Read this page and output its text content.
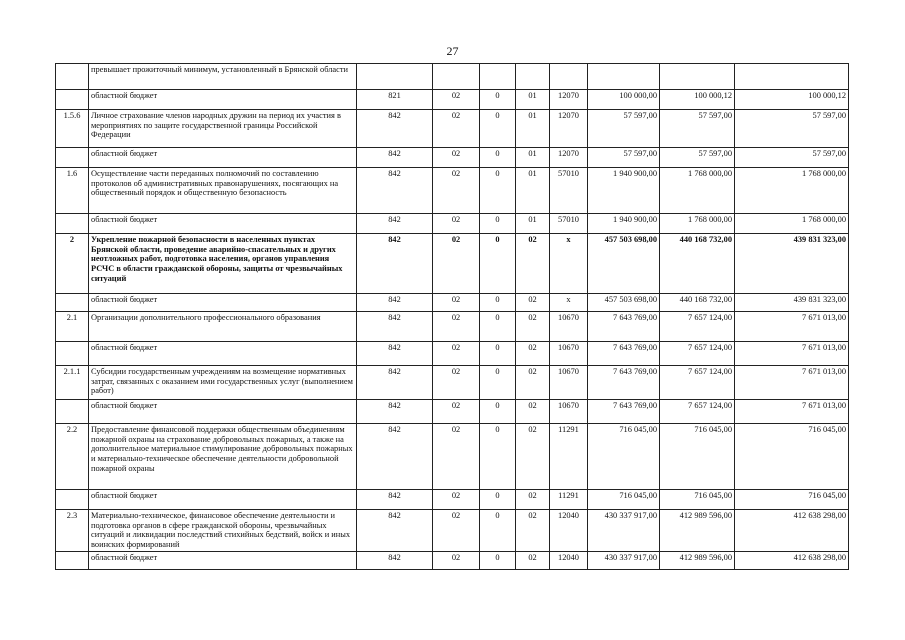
27
	превышает прожиточный минимум, установленный в Брянской области								
	областной бюджет	821	02	0	01	12070	100 000,00	100 000,12	100 000,12
1.5.6	Личное страхование членов народных дружин на период их участия в мероприятиях по защите государственной границы Российской Федерации	842	02	0	01	12070	57 597,00	57 597,00	57 597,00
	областной бюджет	842	02	0	01	12070	57 597,00	57 597,00	57 597,00
1.6	Осуществление части переданных полномочий по составлению протоколов об административных правонарушениях, посягающих на общественный порядок и общественную безопасность	842	02	0	01	57010	1 940 900,00	1 768 000,00	1 768 000,00
	областной бюджет	842	02	0	01	57010	1 940 900,00	1 768 000,00	1 768 000,00
2	Укрепление пожарной безопасности в населенных пунктах Брянской области, проведение аварийно-спасательных и других неотложных работ, подготовка населения, органов управления РСЧС в области гражданской обороны, защиты от чрезвычайных ситуаций	842	02	0	02	x	457 503 698,00	440 168 732,00	439 831 323,00
	областной бюджет	842	02	0	02	x	457 503 698,00	440 168 732,00	439 831 323,00
2.1	Организации дополнительного профессионального образования	842	02	0	02	10670	7 643 769,00	7 657 124,00	7 671 013,00
	областной бюджет	842	02	0	02	10670	7 643 769,00	7 657 124,00	7 671 013,00
2.1.1	Субсидии государственным учреждениям на возмещение нормативных затрат, связанных с оказанием ими государственных услуг (выполнением работ)	842	02	0	02	10670	7 643 769,00	7 657 124,00	7 671 013,00
	областной бюджет	842	02	0	02	10670	7 643 769,00	7 657 124,00	7 671 013,00
2.2	Предоставление финансовой поддержки общественным объединениям пожарной охраны на страхование добровольных пожарных, а также на дополнительное материальное стимулирование добровольных пожарных и материально-техническое обеспечение деятельности добровольной пожарной охраны	842	02	0	02	11291	716 045,00	716 045,00	716 045,00
	областной бюджет	842	02	0	02	11291	716 045,00	716 045,00	716 045,00
2.3	Материально-техническое, финансовое обеспечение деятельности и подготовка органов в сфере гражданской обороны, чрезвычайных ситуаций и ликвидации последствий стихийных бедствий, войск и иных воинских формирований	842	02	0	02	12040	430 337 917,00	412 989 596,00	412 638 298,00
	областной бюджет	842	02	0	02	12040	430 337 917,00	412 989 596,00	412 638 298,00
